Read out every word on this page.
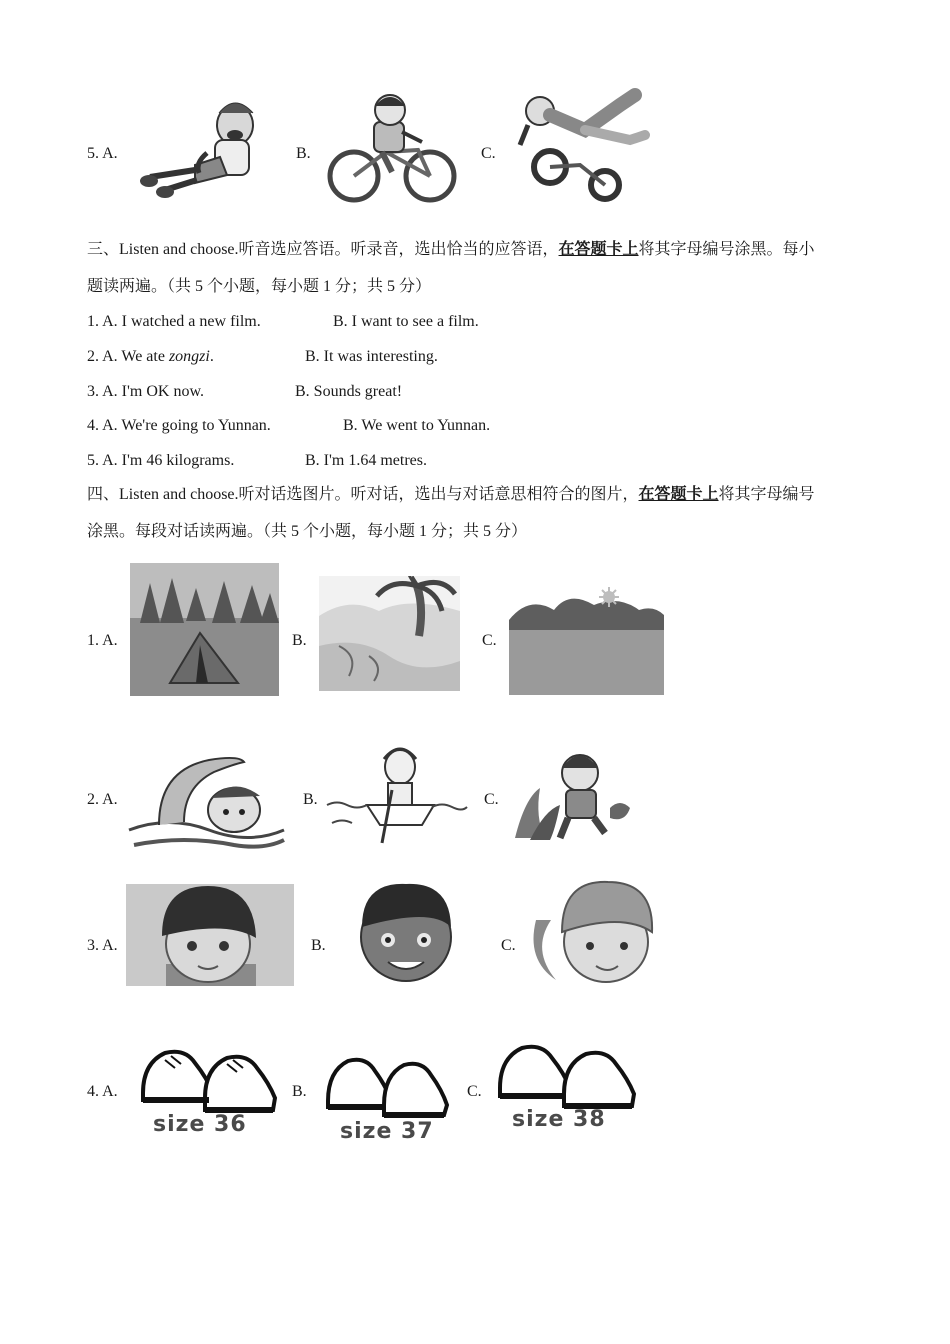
5. A.	B.	C.
三、Listen and choose.听音选应答语。听录音，选出恰当的应答语，在答题卡上将其字母编号涂黑。每小
题读两遍。（共 5 个小题，每小题 1 分；共 5 分）
1. A. I watched a new film.	B. I want to see a film.
2. A. We ate zongzi.	B. It was interesting.
3. A. I'm OK now.	B. Sounds great!
4. A. We're going to Yunnan.	B. We went to Yunnan.
5. A. I'm 46 kilograms.	B. I'm 1.64 metres.
四、Listen and choose.听对话选图片。听对话，选出与对话意思相符合的图片，在答题卡上将其字母编号
涂黑。每段对话读两遍。（共 5 个小题，每小题 1 分；共 5 分）
1. A.	B.	C.
2. A.	B.	C.
3. A.	B.	C.
4. A.
size 36
B.
size 37
C.
size 38
